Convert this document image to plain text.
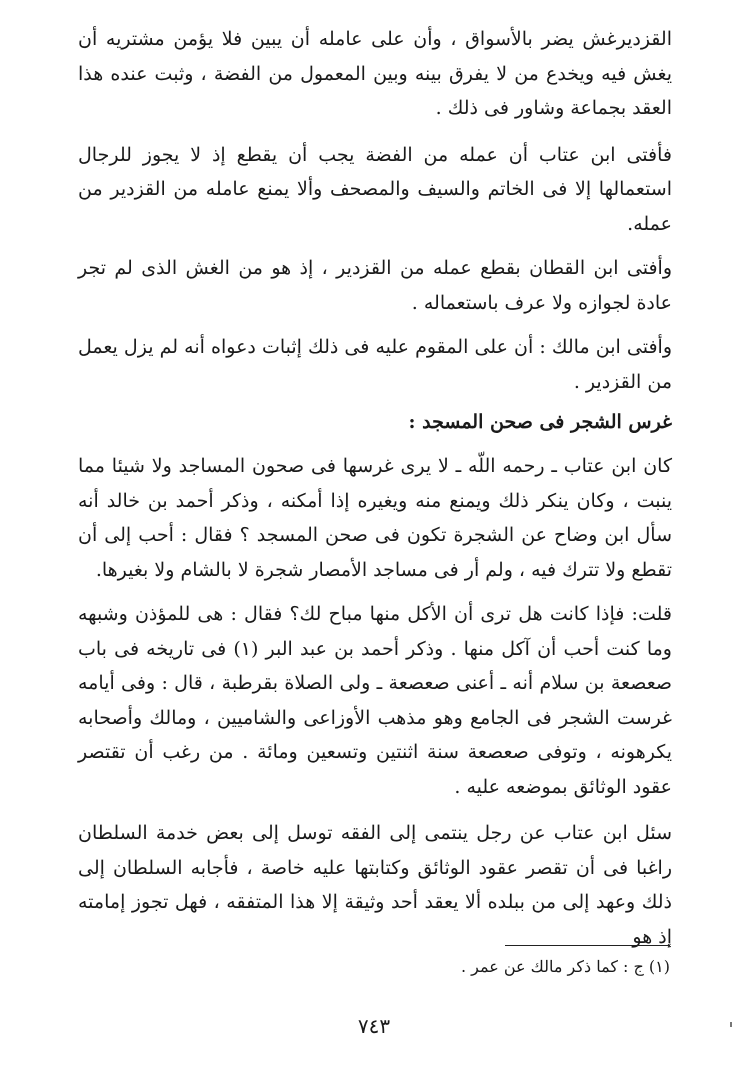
القزديرغش يضر بالأسواق ، وأن على عامله أن يبين فلا يؤمن مشتريه أن يغش فيه ويخدع من لا يفرق بينه وبين المعمول من الفضة ، وثبت عنده هذا العقد بجماعة وشاور فى ذلك .

فأفتى ابن عتاب أن عمله من الفضة يجب أن يقطع إذ لا يجوز للرجال استعمالها إلا فى الخاتم والسيف والمصحف وألا يمنع عامله من القزدير من عمله.

وأفتى ابن القطان بقطع عمله من القزدير ، إذ هو من الغش الذى لم تجر عادة لجوازه ولا عرف باستعماله .

وأفتى ابن مالك : أن على المقوم عليه فى ذلك إثبات دعواه أنه لم يزل يعمل من القزدير .

غرس الشجر فى صحن المسجد :

كان ابن عتاب ـ رحمه اللّه ـ لا يرى غرسها فى صحون المساجد ولا شيئا مما ينبت ، وكان ينكر ذلك ويمنع منه ويغيره إذا أمكنه ، وذكر أحمد بن خالد أنه سأل ابن وضاح عن الشجرة تكون فى صحن المسجد ؟ فقال : أحب إلى أن تقطع ولا تترك فيه ، ولم أر فى مساجد الأمصار شجرة لا بالشام ولا بغيرها.

قلت: فإذا كانت هل ترى أن الأكل منها مباح لك؟ فقال : هى للمؤذن وشبهه وما كنت أحب أن آكل منها . وذكر أحمد بن عبد البر (١) فى تاريخه فى باب صعصعة بن سلام أنه ـ أعنى صعصعة ـ ولى الصلاة بقرطبة ، قال : وفى أيامه غرست الشجر فى الجامع وهو مذهب الأوزاعى والشاميين ، ومالك وأصحابه يكرهونه ، وتوفى صعصعة سنة اثنتين وتسعين ومائة . من رغب أن تقتصر عقود الوثائق بموضعه عليه .

سئل ابن عتاب عن رجل ينتمى إلى الفقه توسل إلى بعض خدمة السلطان راغبا فى أن تقصر عقود الوثائق وكتابتها عليه خاصة ، فأجابه السلطان إلى ذلك وعهد إلى من ببلده ألا يعقد أحد وثيقة إلا هذا المتفقه ، فهل تجوز إمامته إذ هو

(١) ج : كما ذكر مالك عن عمر .

٧٤٣
